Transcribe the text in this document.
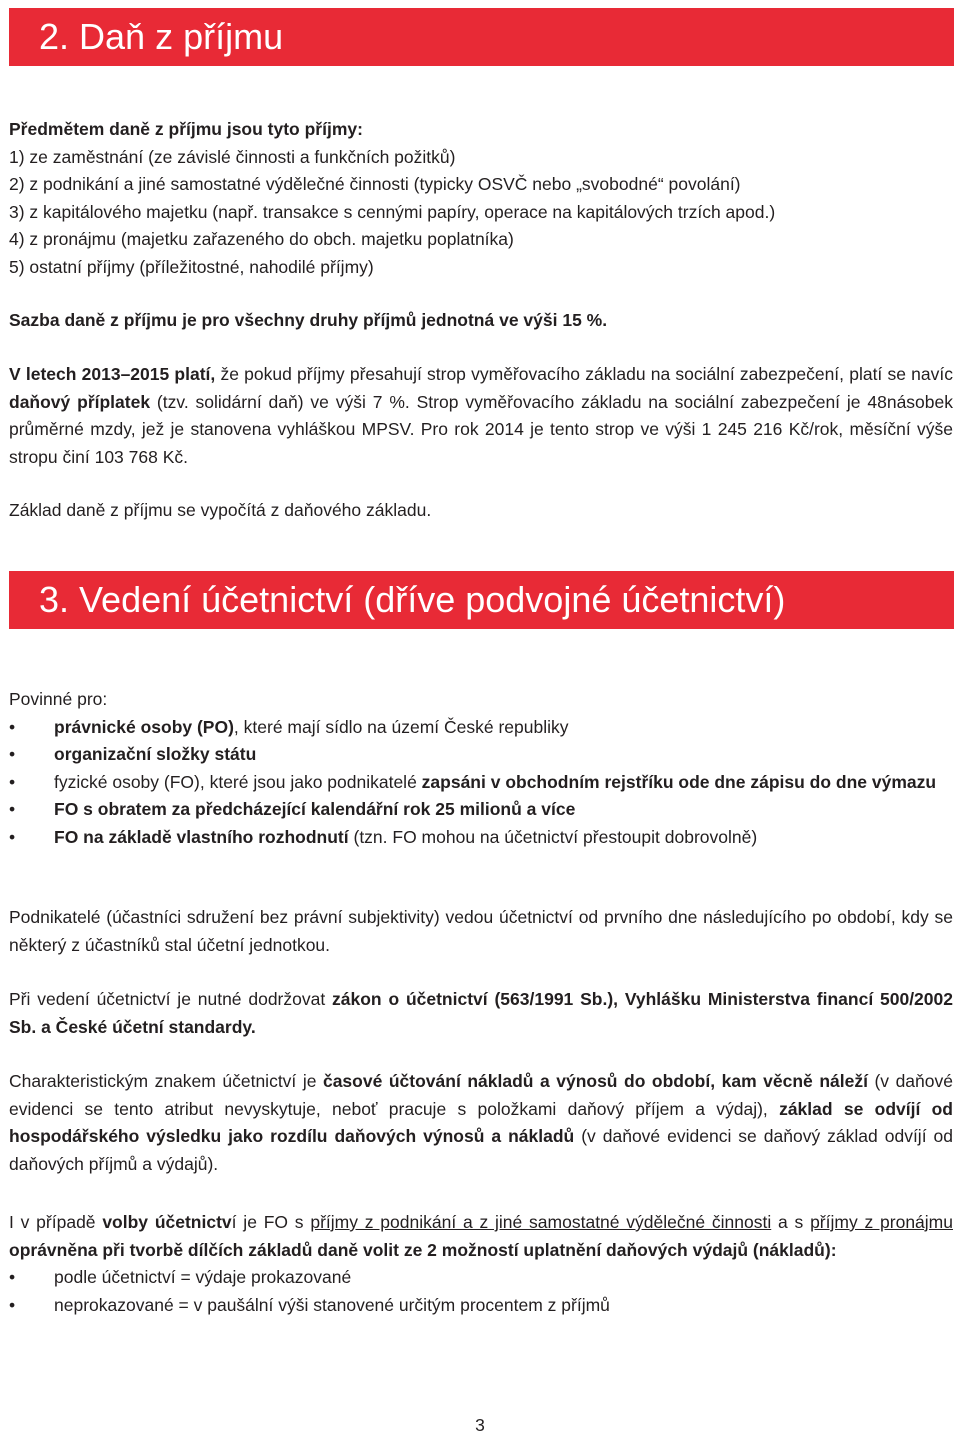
2. Daň z příjmu

Předmětem daně z příjmu jsou tyto příjmy:

1) ze zaměstnání (ze závislé činnosti a funkčních požitků)

2) z podnikání a jiné samostatné výdělečné činnosti (typicky OSVČ nebo „svobodné“ povolání)

3) z kapitálového majetku (např. transakce s cennými papíry, operace na kapitálových trzích apod.)

4) z pronájmu (majetku zařazeného do obch. majetku poplatníka)

5) ostatní příjmy (příležitostné, nahodilé příjmy)

Sazba daně z příjmu je pro všechny druhy příjmů jednotná ve výši 15 %.

V letech 2013–2015 platí, že pokud příjmy přesahují strop vyměřovacího základu na sociální zabezpečení, platí se navíc daňový příplatek (tzv. solidární daň) ve výši 7 %. Strop vyměřovacího základu na sociální zabezpečení je 48násobek průměrné mzdy, jež je stanovena vyhláškou MPSV. Pro rok 2014 je tento strop ve výši 1 245 216 Kč/rok, měsíční výše stropu činí 103 768 Kč.

Základ daně z příjmu se vypočítá z daňového základu.

3. Vedení účetnictví (dříve podvojné účetnictví)

Povinné pro:

• právnické osoby (PO), které mají sídlo na území České republiky
• organizační složky státu
• fyzické osoby (FO), které jsou jako podnikatelé zapsáni v obchodním rejstříku ode dne zápisu do dne výmazu
• FO s obratem za předcházející kalendářní rok 25 milionů a více
• FO na základě vlastního rozhodnutí (tzn. FO mohou na účetnictví přestoupit dobrovolně)

Podnikatelé (účastníci sdružení bez právní subjektivity) vedou účetnictví od prvního dne následujícího po období, kdy se některý z účastníků stal účetní jednotkou.

Při vedení účetnictví je nutné dodržovat zákon o účetnictví (563/1991 Sb.), Vyhlášku Ministerstva financí 500/2002 Sb. a České účetní standardy.

Charakteristickým znakem účetnictví je časové účtování nákladů a výnosů do období, kam věcně náleží (v daňové evidenci se tento atribut nevyskytuje, neboť pracuje s položkami daňový příjem a výdaj), základ se odvíjí od hospodářského výsledku jako rozdílu daňových výnosů a nákladů (v daňové evidenci se daňový základ odvíjí od daňových příjmů a výdajů).

I v případě volby účetnictví je FO s příjmy z podnikání a z jiné samostatné výdělečné činnosti a s příjmy z pronájmu oprávněna při tvorbě dílčích základů daně volit ze 2 možností uplatnění daňových výdajů (nákladů):

• podle účetnictví = výdaje prokazované
• neprokazované = v paušální výši stanovené určitým procentem z příjmů
3
